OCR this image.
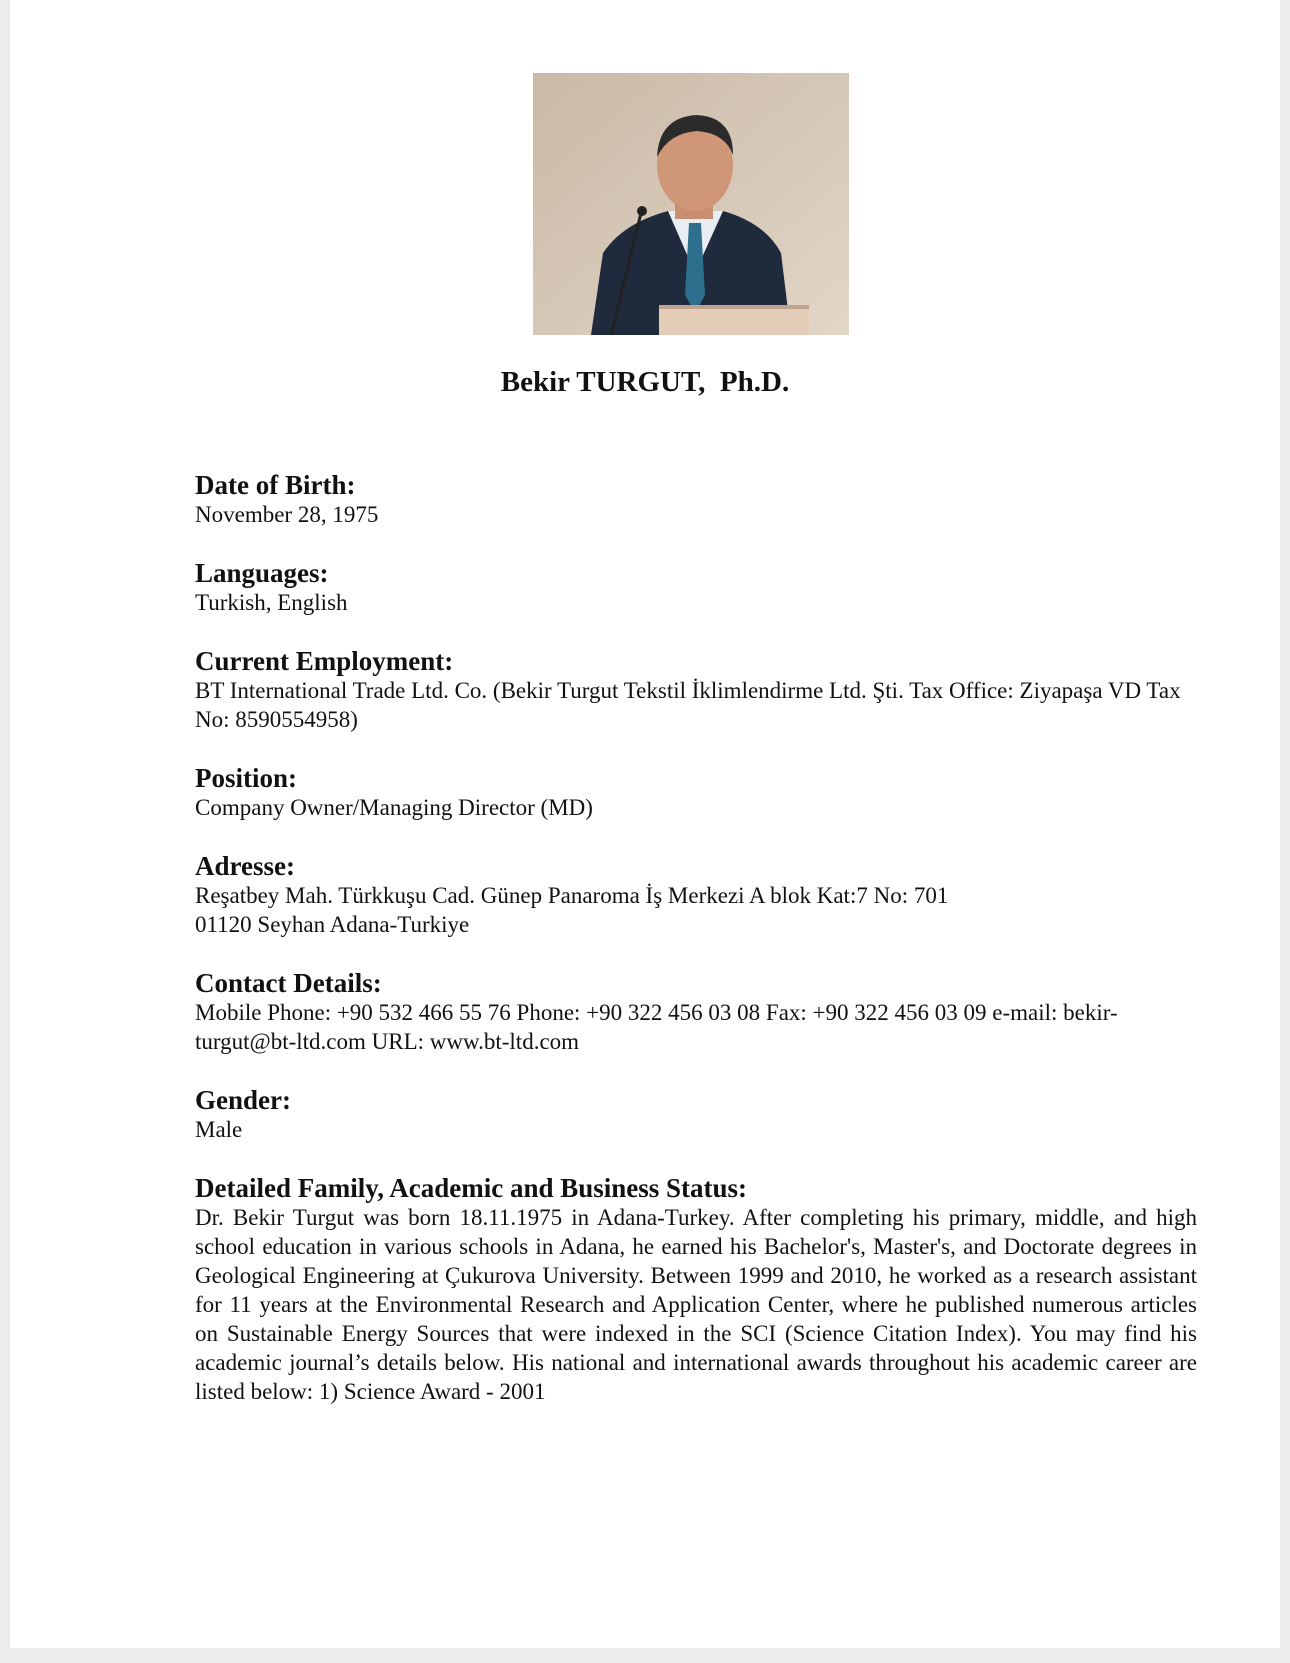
Bekir TURGUT,  Ph.D.

Date of Birth:

November 28, 1975

Languages:

Turkish, English

Current Employment:

BT International Trade Ltd. Co. (Bekir Turgut Tekstil İklimlendirme Ltd. Şti. Tax Office: Ziyapaşa VD Tax No: 8590554958)

Position:

Company Owner/Managing Director (MD)

Adresse:

Reşatbey Mah. Türkkuşu Cad. Günep Panaroma İş Merkezi A blok Kat:7 No: 701 01120 Seyhan Adana-Turkiye

Contact Details:

Mobile Phone: +90 532 466 55 76 Phone: +90 322 456 03 08 Fax: +90 322 456 03 09 e-mail: bekir-turgut@bt-ltd.com URL: www.bt-ltd.com

Gender:

Male

Detailed Family, Academic and Business Status:

Dr. Bekir Turgut was born 18.11.1975 in Adana-Turkey. After completing his primary, middle, and high school education in various schools in Adana, he earned his Bachelor's, Master's, and Doctorate degrees in Geological Engineering at Çukurova University. Between 1999 and 2010, he worked as a research assistant for 11 years at the Environmental Research and Application Center, where he published numerous articles on Sustainable Energy Sources that were indexed in the SCI (Science Citation Index). You may find his academic journal’s details below. His national and international awards throughout his academic career are listed below: 1) Science Award - 2001
